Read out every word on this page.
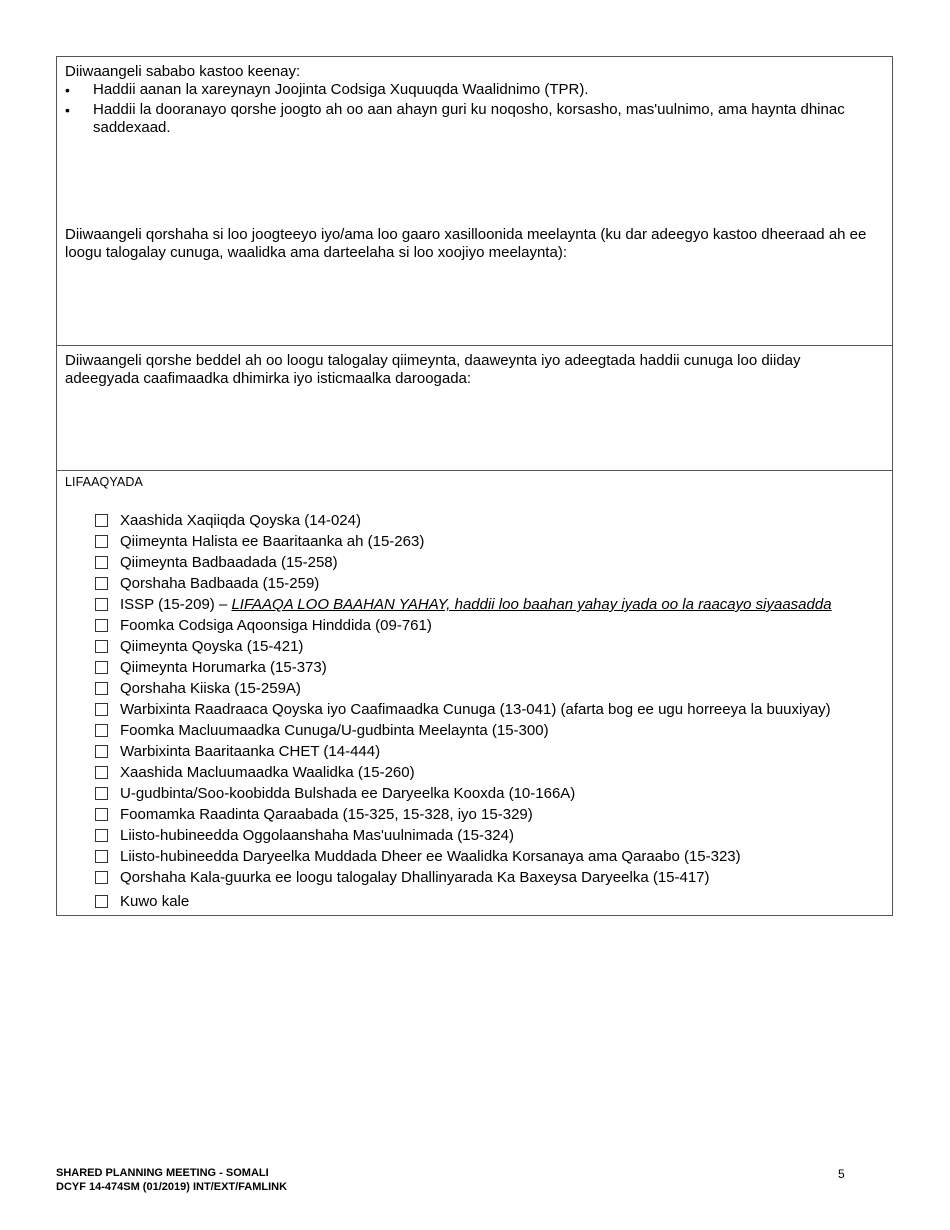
Diiwaangeli sababo kastoo keenay:

• Haddii aanan la xareynayn Joojinta Codsiga Xuquuqda Waalidnimo (TPR).
• Haddii la dooranayo qorshe joogto ah oo aan ahayn guri ku noqosho, korsasho, mas'uulnimo, ama haynta dhinac saddexaad.

Diiwaangeli qorshaha si loo joogteeyo iyo/ama loo gaaro xasilloonida meelaynta (ku dar adeegyo kastoo dheeraad ah ee loogu talogalay cunuga, waalidka ama darteelaha si loo xoojiyo meelaynta):

Diiwaangeli qorshe beddel ah oo loogu talogalay qiimeynta, daaweynta iyo adeegtada haddii cunuga loo diiday adeegyada caafimaadka dhimirka iyo isticmaalka daroogada:

LIFAAQYADA
Xaashida Xaqiiqda Qoyska (14-024)
Qiimeynta Halista ee Baaritaanka ah (15-263)
Qiimeynta Badbaadada (15-258)
Qorshaha Badbaada (15-259)
ISSP (15-209) – LIFAAQA LOO BAAHAN YAHAY, haddii loo baahan yahay iyada oo la raacayo siyaasadda
Foomka Codsiga Aqoonsiga Hinddida (09-761)
Qiimeynta Qoyska (15-421)
Qiimeynta Horumarka (15-373)
Qorshaha Kiiska (15-259A)
Warbixinta Raadraaca Qoyska iyo Caafimaadka Cunuga (13-041) (afarta bog ee ugu horreeya la buuxiyay)
Foomka Macluumaadka Cunuga/U-gudbinta Meelaynta (15-300)
Warbixinta Baaritaanka CHET (14-444)
Xaashida Macluumaadka Waalidka (15-260)
U-gudbinta/Soo-koobidda Bulshada ee Daryeelka Kooxda (10-166A)
Foomamka Raadinta Qaraabada (15-325, 15-328, iyo 15-329)
Liisto-hubineedda Oggolaanshaha Mas'uulnimada (15-324)
Liisto-hubineedda Daryeelka Muddada Dheer ee Waalidka Korsanaya ama Qaraabo (15-323)
Qorshaha Kala-guurka ee loogu talogalay Dhallinyarada Ka Baxeysa Daryeelka (15-417)
Kuwo kale
SHARED PLANNING MEETING - SOMALI
DCYF 14-474SM (01/2019) INT/EXT/FAMLINK
5
